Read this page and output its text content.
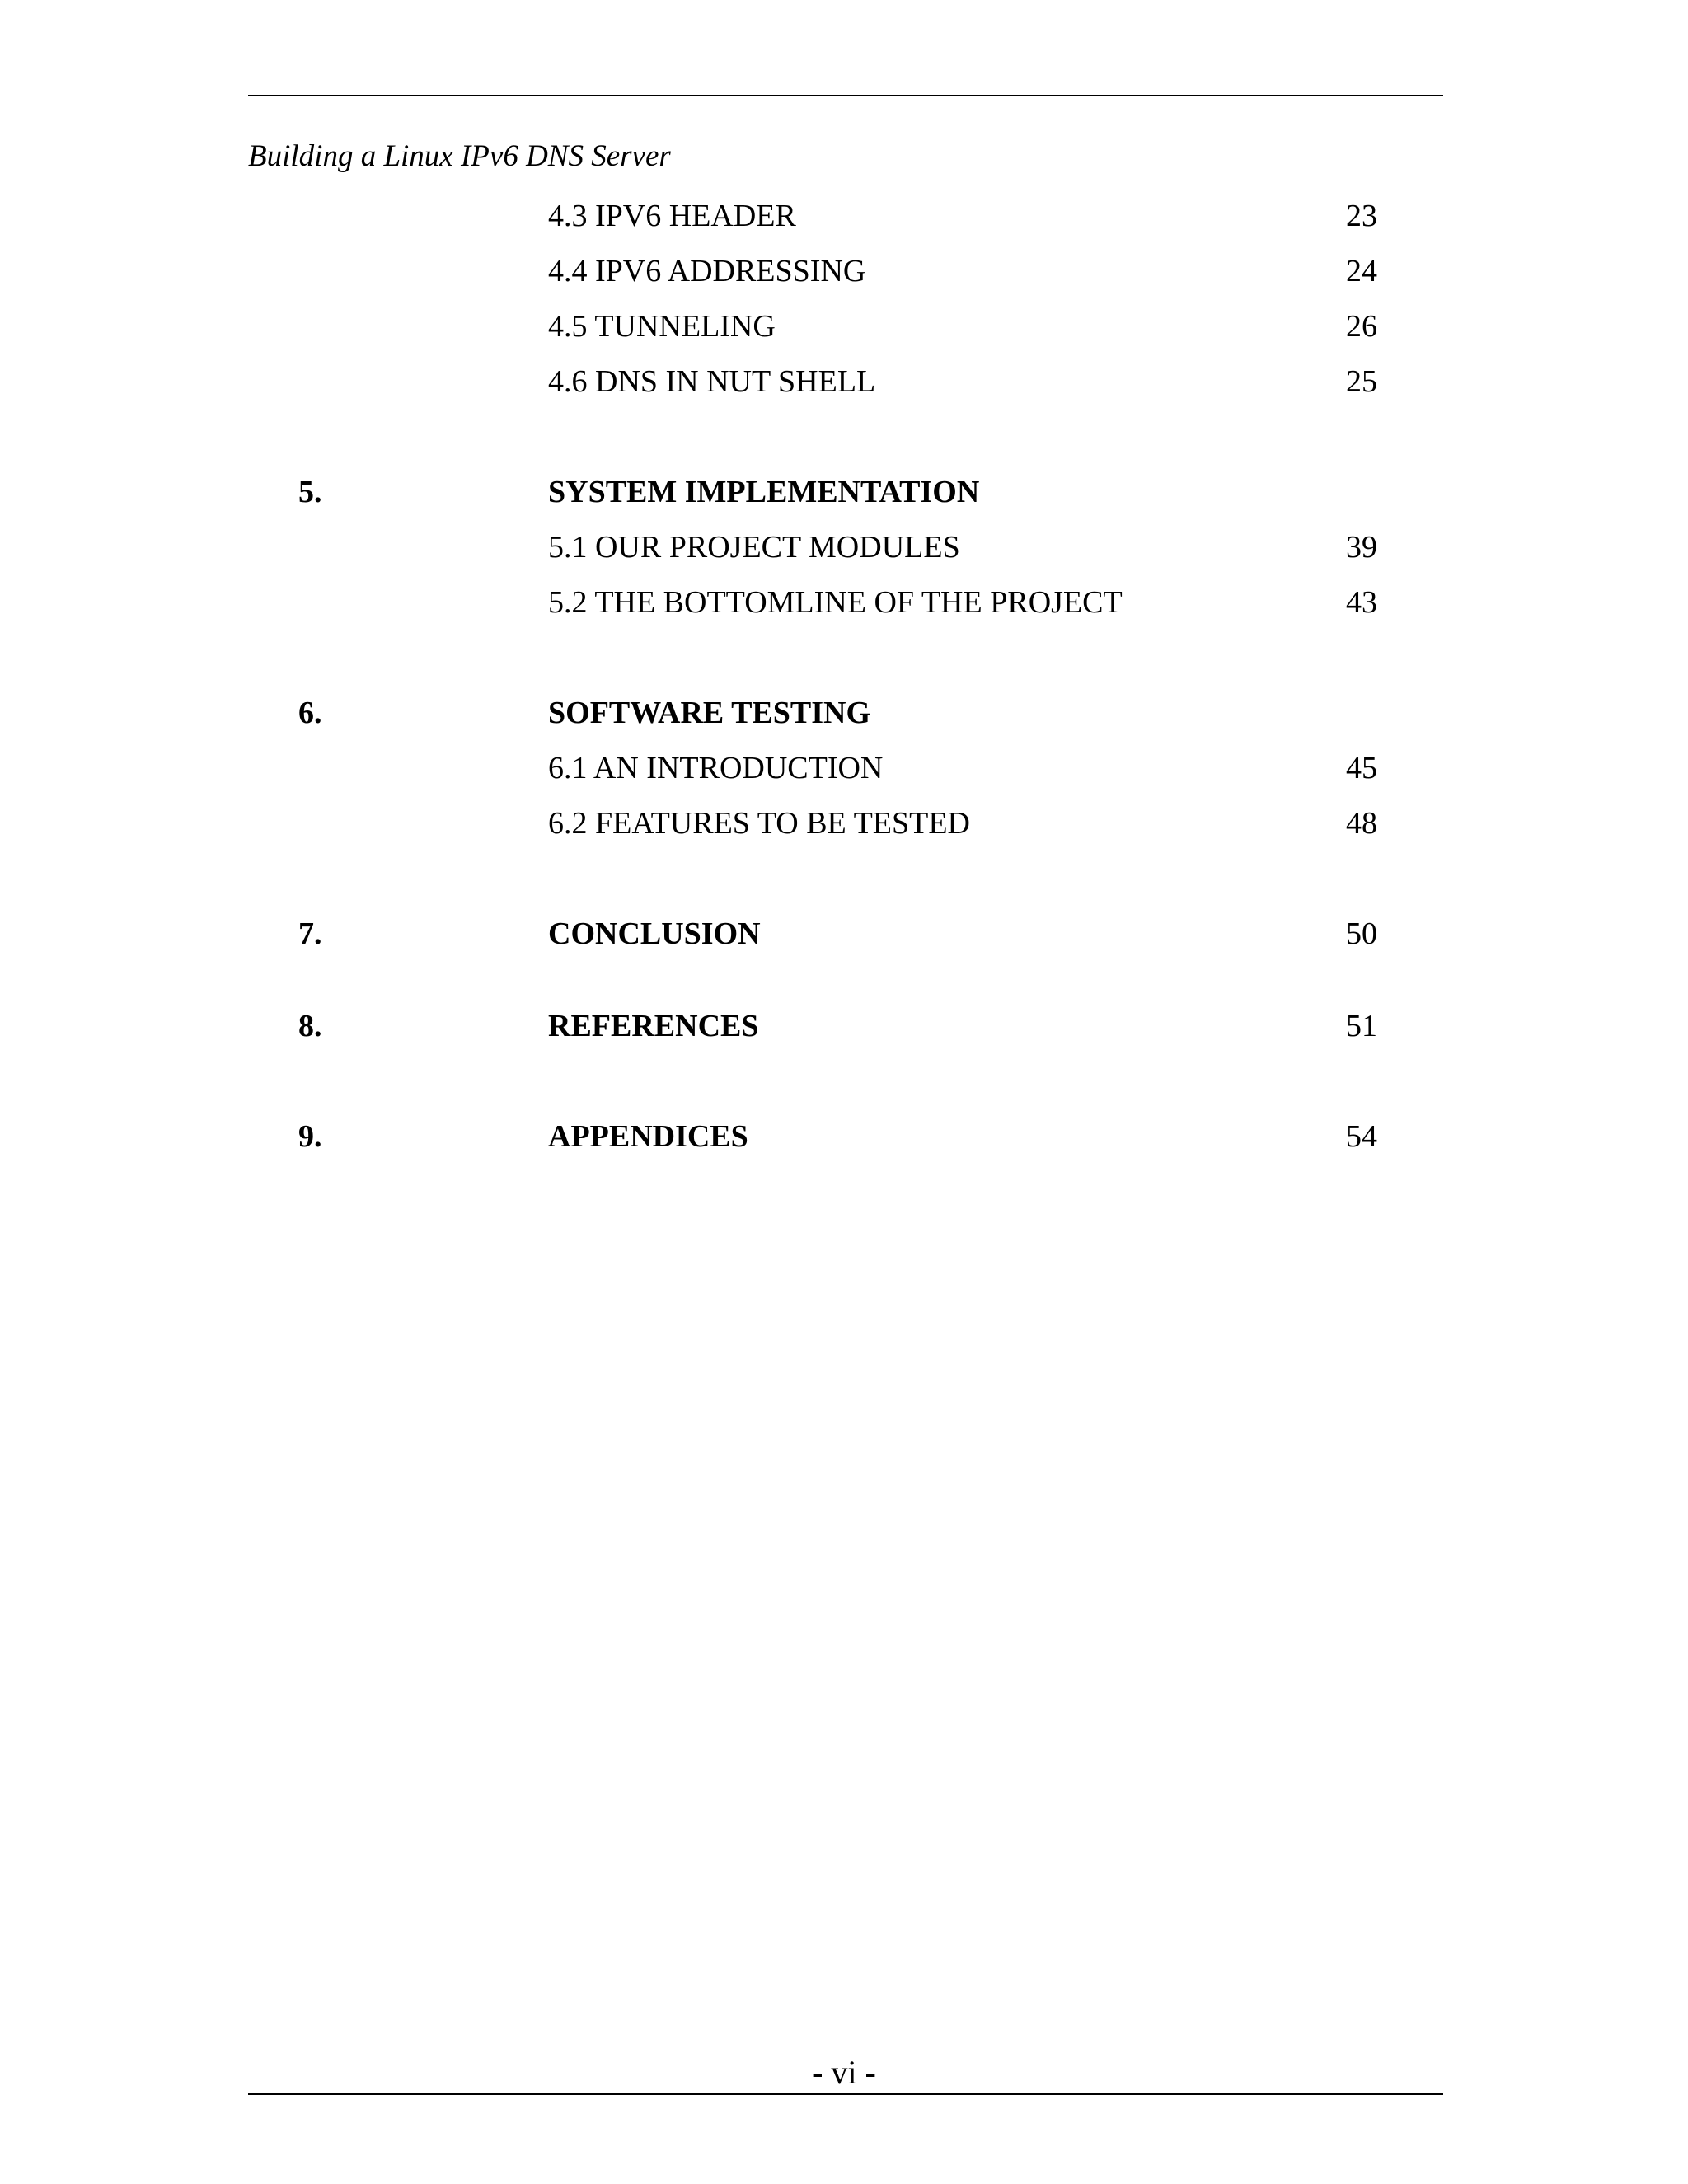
Building a Linux IPv6 DNS Server
4.3 IPV6 HEADER	23
4.4 IPV6 ADDRESSING	24
4.5 TUNNELING	26
4.6 DNS IN NUT SHELL	25
5.	SYSTEM IMPLEMENTATION
5.1 OUR PROJECT MODULES	39
5.2 THE BOTTOMLINE OF THE PROJECT	43
6.	SOFTWARE TESTING
6.1 AN INTRODUCTION	45
6.2 FEATURES TO BE TESTED	48
7.	CONCLUSION	50
8.	REFERENCES	51
9.	APPENDICES	54
- vi -
